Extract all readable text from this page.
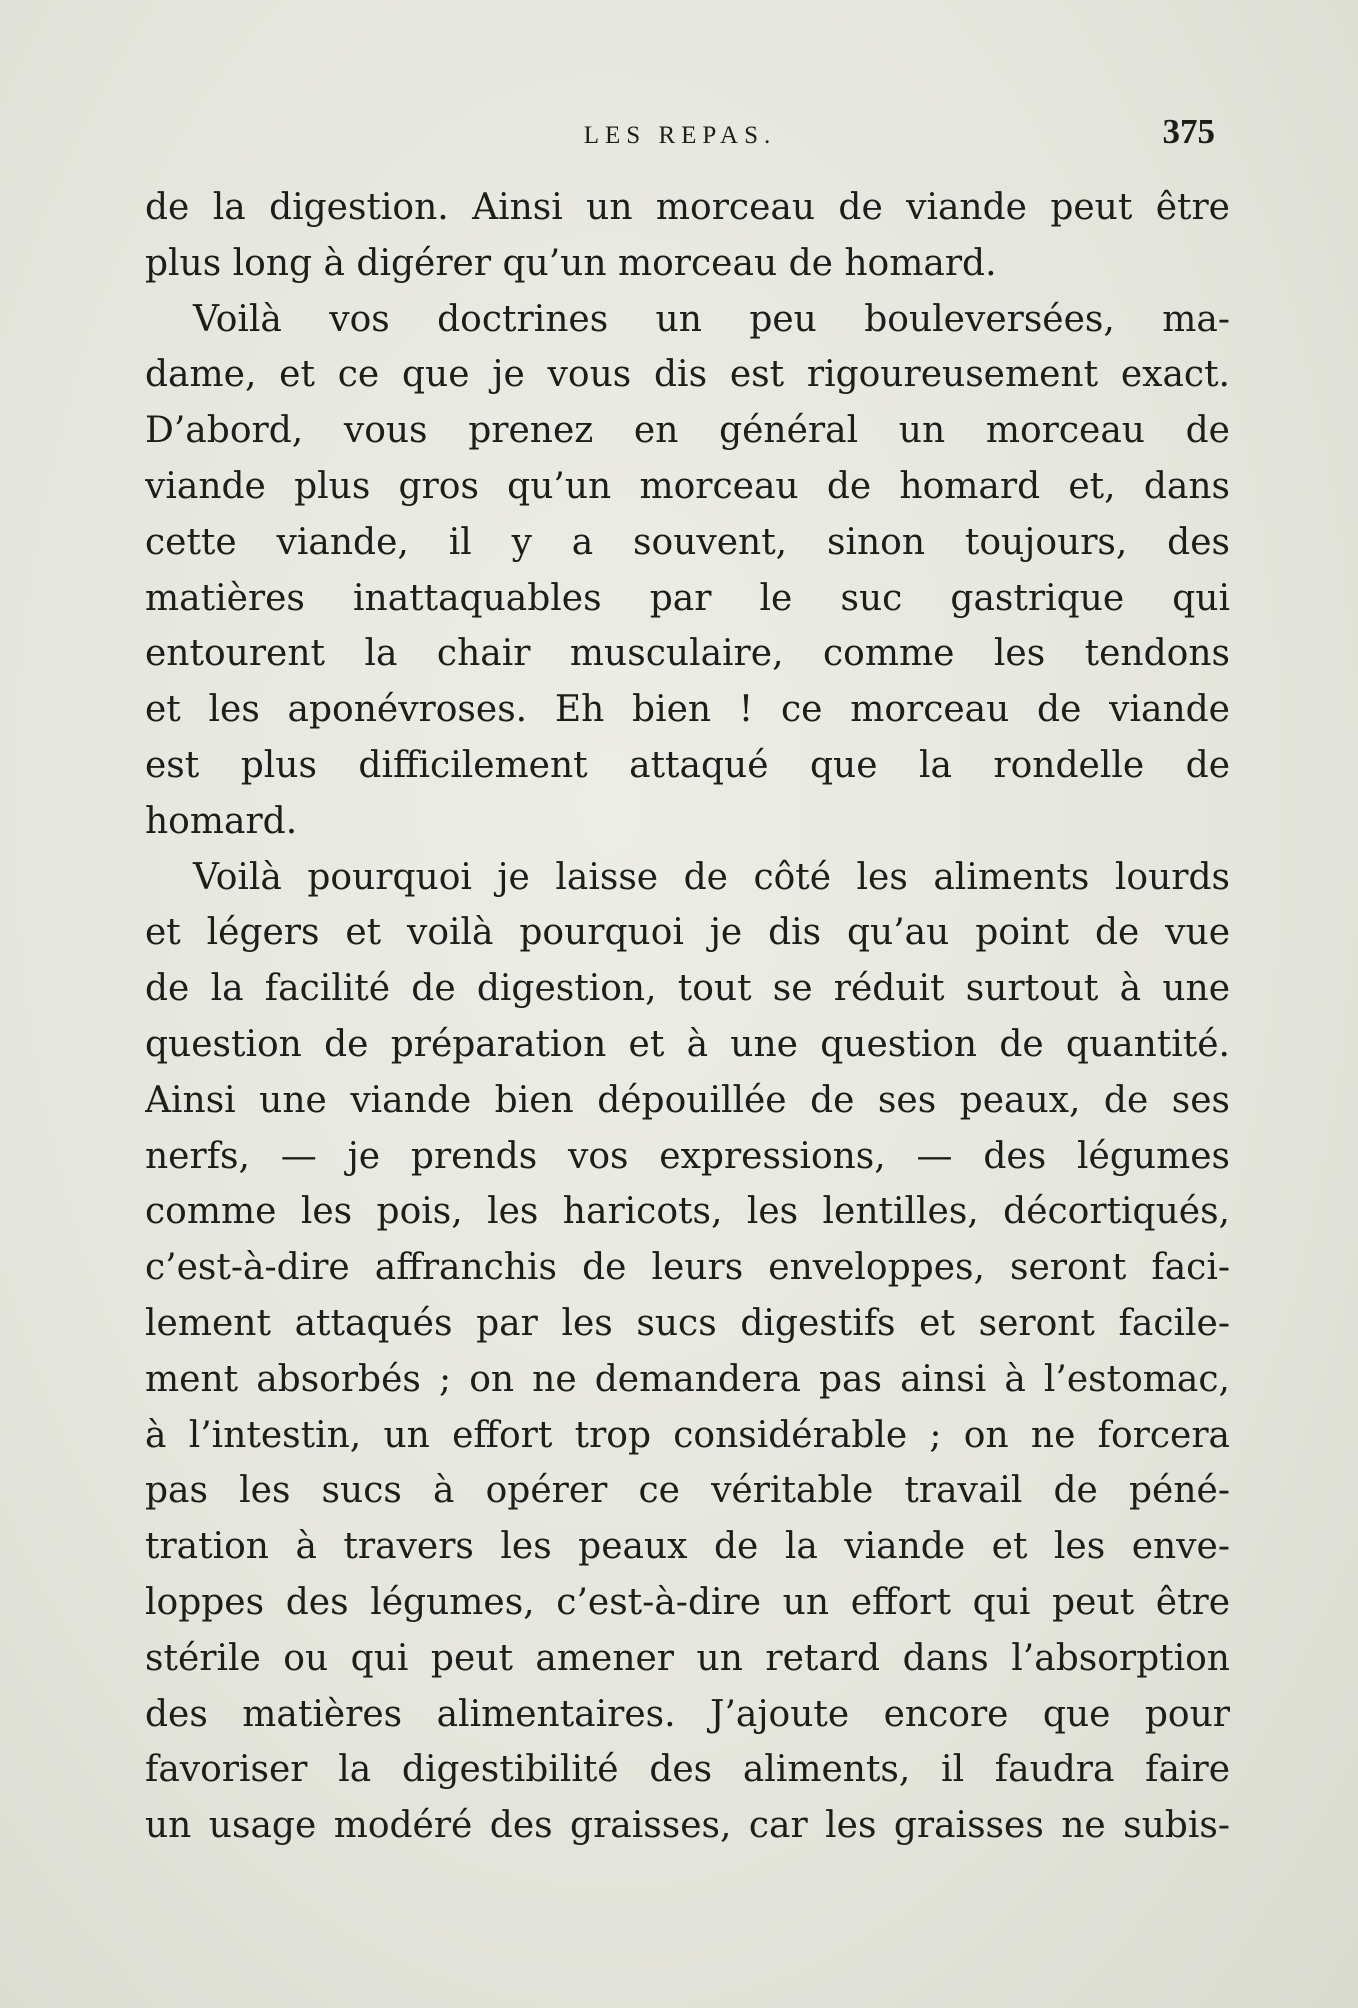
LES REPAS.	375
de la digestion. Ainsi un morceau de viande peut être
plus long à digérer qu’un morceau de homard.
Voilà vos doctrines un peu bouleversées, ma-
dame, et ce que je vous dis est rigoureusement exact.
D’abord, vous prenez en général un morceau de
viande plus gros qu’un morceau de homard et, dans
cette viande, il y a souvent, sinon toujours, des
matières inattaquables par le suc gastrique qui
entourent la chair musculaire, comme les tendons
et les aponévroses. Eh bien ! ce morceau de viande
est plus difficilement attaqué que la rondelle de
homard.
Voilà pourquoi je laisse de côté les aliments lourds
et légers et voilà pourquoi je dis qu’au point de vue
de la facilité de digestion, tout se réduit surtout à une
question de préparation et à une question de quantité.
Ainsi une viande bien dépouillée de ses peaux, de ses
nerfs, — je prends vos expressions, — des légumes
comme les pois, les haricots, les lentilles, décortiqués,
c’est-à-dire affranchis de leurs enveloppes, seront faci-
lement attaqués par les sucs digestifs et seront facile-
ment absorbés ; on ne demandera pas ainsi à l’estomac,
à l’intestin, un effort trop considérable ; on ne forcera
pas les sucs à opérer ce véritable travail de péné-
tration à travers les peaux de la viande et les enve-
loppes des légumes, c’est-à-dire un effort qui peut être
stérile ou qui peut amener un retard dans l’absorption
des matières alimentaires. J’ajoute encore que pour
favoriser la digestibilité des aliments, il faudra faire
un usage modéré des graisses, car les graisses ne subis-
